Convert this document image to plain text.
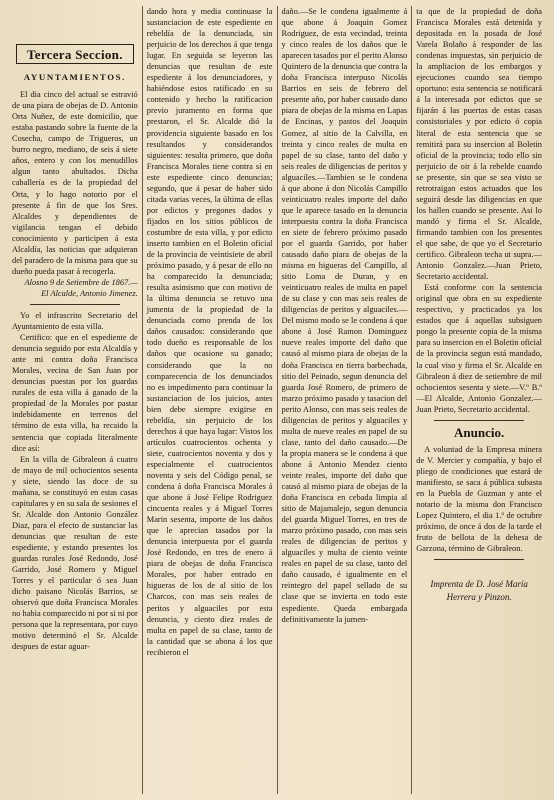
Tercera Seccion.
AYUNTAMIENTOS.

El dia cinco del actual se estravió de una piara de obejas de D. Antonio Orta Nuñez, de este domicilio, que estaba pastando sobre la fuente de la Cosecha, campo de Trigueros, un burro negro, mediano, de seis á siete años, entero y con los menudillos algun tanto abultados. Dicha caballería es de la propiedad del Orta, y lo hago notorio por el presente á fin de que los Sres. Alcaldes y dependientes de vigilancia tengan el debido conocimiento y participen á esta Alcaldía, las noticias que adquieran del paradero de la misma para que su dueño pueda pasar á recogerla.

Alosno 9 de Setiembre de 1867.—El Alcalde, Antonio Jimenez.

Yo el infrascrito Secretario del Ayuntamiento de esta villa.

Certifico: que en el espediente de denuncia seguido por esta Alcaldía y ante mi contra doña Francisca Morales, vecina de San Juan por denuncias puestas por los guardas rurales de esta villa á ganado de la propiedad de la Morales por pastar indebidamente en terrenos del término de esta villa, ha recaido la sentencia que copiada literalmente dice así:

En la villa de Gibraleon á cuatro de mayo de mil ochocientos sesenta y siete, siendo las doce de su mañana, se constituyó en estas casas capitulares y en su sala de sesiones el Sr. Alcalde don Antonio González Diaz, para el efecto de sustanciar las denuncias que resultan de este espediente, y estando presentes los guardas rurales José Redondo, José Garrido, José Romero y Miguel Torres y el particular ó sea Juan dicho paisano Nicolás Barrios, se observó que doña Francisca Morales no habia comparecido ni por si ni por persona que la representara, por cuyo motivo determinó el Sr. Alcalde despues de estar aguar-

dando hora y media continuase la sustanciacion de este espediente en rebeldía de la denunciada, sin perjuicio de los derechos á que tenga lugar. En seguida se leyeron las denuncias que resultan de este espediente á los denunciadores, y habiéndose estos ratificado en su contenido y hecho la ratificacion previo juramento en forma que prestaron, el Sr. Alcalde dió la providencia siguiente basado en los resultandos y considerandos siguientes: resulta primero, que doña Francisca Morales tiene contra sí en este espediente cinco denuncias; segundo, que á pesar de haber sido citada varias veces, la última de ellas por edictos y pregones dados y fijados en los sitios públicos de costumbre de esta villa, y por edicto inserto tambien en el Boletin oficial de la provincia de veintisiete de abril próximo pasado, y á pesar de ello no ha comparecido la denunciada; resulta asimismo que con motivo de la última denuncia se retuvo una jumenta de la propiedad de la denunciada como prenda de los daños causados: considerando que todo dueño es responsable de los daños que ocasione su ganado; considerando que la no comparecencia de los denunciados no es impedimento para continuar la sustanciacion de los juicios, antes bien debe siempre exigirse en rebeldía, sin perjuicio de los derechos á que haya lugar: Vistos los artículos cuatrocientos ochenta y siete, cuatrocientos noventa y dos y especialmente el cuatrocientos noventa y seis del Código penal, se condena á doña Francisca Morales á que abone á José Felipe Rodriguez cincuenta reales y á Miguel Torres Marin sesenta, importe de los daños que le aprecian tasados por la denuncia interpuesta por el guarda José Redondo, en tres de enero á piara de obejas de doña Francisca Morales, por haber entrado en higueras de los de al sitio de los Charcos, con mas seis reales de peritos y alguaciles por esta denuncia, y ciento diez reales de multa en papel de su clase, tanto de la cantidad que se abona á los que recibieron el

daño.—Se le condena igualmente á que abone á Joaquin Gomez Rodriguez, de esta vecindad, treinta y cinco reales de los daños que le aparecen tasados por el perito Alonso Quintero de la denuncia que contra la doña Francisca interpuso Nicolás Barrios en seis de febrero del presente año, por haber causado dano piara de obejas de la misma en Lapas de Encinas, y pastos del Joaquin Gomez, al sitio de la Calvilla, en treinta y cinco reales de multa en papel de su clase, tanto del daño y seis reales de diligencias de peritos y alguaciles.—Tambien se le condena á que abone á don Nicolás Campillo veinticuatro reales importe del daño que le aparece tasado en la denuncia interpuesta contra la doña Francisca en siete de febrero próximo pasado por el guarda Garrido, por haber causado daño piara de obejas de la misma en higueras del Campillo, al sitio Loma de Duran, y en veinticuatro reales de multa en papel de su clase y con mas seis reales de diligencias de peritos y alguaciles.—Del mismo modo se le condena á que abone á José Ramon Dominguez nueve reales importe del daño que causó al mismo piara de obejas de la doña Francisca en tierra barbechada, sitio del Peinado, segun denuncia del guarda José Romero, de primero de marzo próximo pasado y tasacion del perito Alonso, con mas seis reales de diligencias de peritos y alguaciles y multa de nueve reales en papel de su clase, tanto del daño causado.—De la propia manera se le condena á que abone á Antonio Mendez ciento veinte reales, importe del daño que causó al mismo piara de obejas de la doña Francisca en cebada limpia al sitio de Majamalejo, segun denuncia del guarda Miguel Torres, en tres de marzo próximo pasado, con mas seis reales de diligencias de peritos y alguaciles y multa de ciento veinte reales en papel de su clase, tanto del daño causado, é igualmente en el reintegro del papel sellado de su clase que se invierta en todo este espediente. Queda embargada definitivamente la jumen-

ta que de la propiedad de doña Francisca Morales está detenida y depositada en la posada de José Varela Bolaño á responder de las condenas impuestas, sin perjuicio de la ampliacion de los embargos y ejecuciones cuando sea tiempo oportuno: esta sentencia se notificará á la interesada por edictos que se fijarán á las puertas de estas casas consistoriales y por edicto ó copia literal de esta sentencia que se remitirá para su insercion al Boletin oficial de la provincia; todo ello sin perjuicio de oir á la rebelde cuando se presente, sin que se sea visto se retrotraigan estos actuados que los seguirá desde las diligencias en que los hallen cuando se presente. Asi lo mandó y firma el Sr. Alcalde, firmando tambien con los presentes el que sabe, de que yo el Secretario certifico. Gibraleon techa ut supra.—Antonio Gonzalez.—Juan Prieto, Secretario accidental.

Está conforme con la sentencia original que obra en su expediente respectivo, y practicados ya los estados que á aquellas subsiguen pongo la presente copia de la misma para su insercion en el Boletin oficial de la provincia segun está mandado, la cual viso y firma el Sr. Alcalde en Gibraleon á diez de setiembre de mil ochocientos sesenta y siete.—V.º B.º—El Alcalde, Antonio Gonzalez.—Juan Prieto, Secretario accidental.

Anuncio.

A voluntad de la Empresa minera de V. Mercier y compañía, y bajo el pliego de condiciones que estará de manifiesto, se saca á pública subasta en la Puebla de Guzman y ante el notario de la misma don Francisco Lopez Quintero, el dia 1.º de octubre próximo, de once á dos de la tarde el fruto de bellota de la dehesa de Garzona, término de Gibraleon.

Imprenta de D. José María
Herrera y Pinzon.
